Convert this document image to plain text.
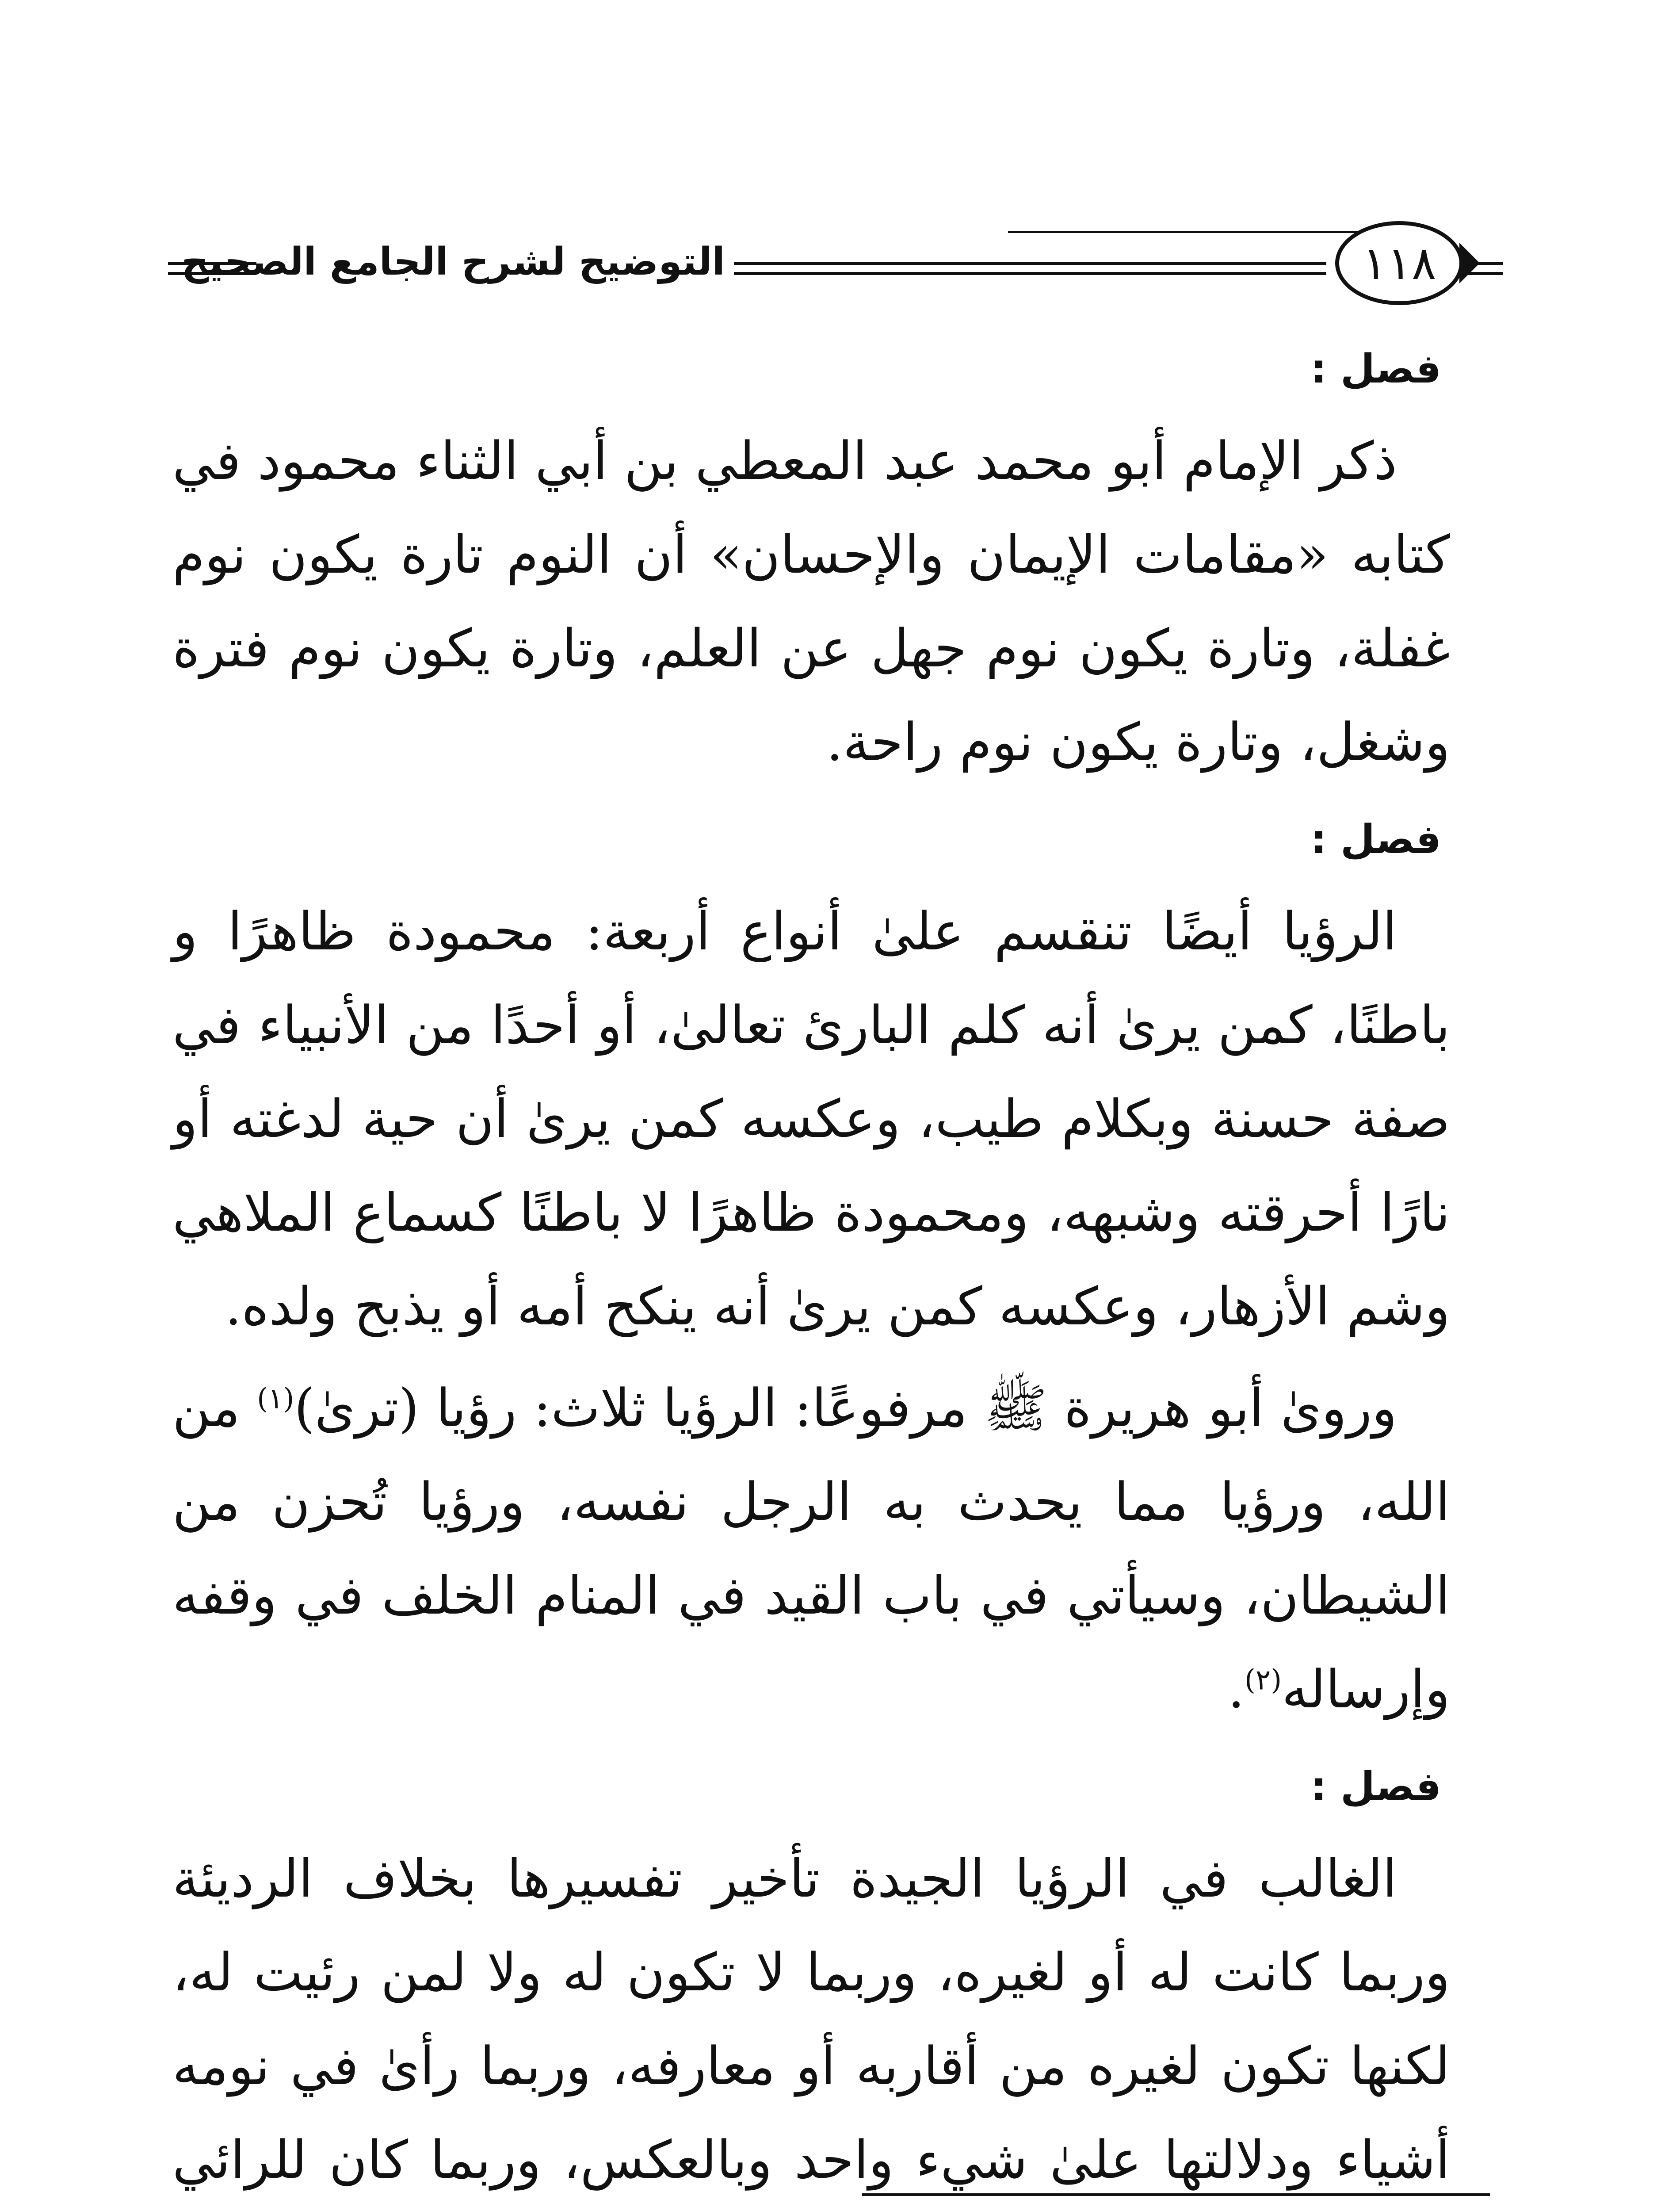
التوضيح لشرح الجامع الصحيح	١١٨
فصل :

ذكر الإمام أبو محمد عبد المعطي بن أبي الثناء محمود في كتابه «مقامات الإيمان والإحسان» أن النوم تارة يكون نوم غفلة، وتارة يكون نوم جهل عن العلم، وتارة يكون نوم فترة وشغل، وتارة يكون نوم راحة.

فصل :

الرؤيا أيضًا تنقسم علىٰ أنواع أربعة: محمودة ظاهرًا و باطنًا، كمن يرىٰ أنه كلم البارئ تعالىٰ، أو أحدًا من الأنبياء في صفة حسنة وبكلام طيب، وعكسه كمن يرىٰ أن حية لدغته أو نارًا أحرقته وشبهه، ومحمودة ظاهرًا لا باطنًا كسماع الملاهي وشم الأزهار، وعكسه كمن يرىٰ أنه ينكح أمه أو يذبح ولده.

ورویٰ أبو هريرة ﷺ مرفوعًا: الرؤيا ثلاث: رؤيا (ترىٰ)$^{(١)}$ من الله، ورؤيا مما يحدث به الرجل نفسه، ورؤيا تُحزن من الشيطان، وسيأتي في باب القيد في المنام الخلف في وقفه وإرساله$^{(٢)}$.

فصل :

الغالب في الرؤيا الجيدة تأخير تفسيرها بخلاف الرديئة وربما كانت له أو لغيره، وربما لا تكون له ولا لمن رئيت له، لكنها تكون لغيره من أقاربه أو معارفه، وربما رأىٰ في نومه أشياء ودلالتها علىٰ شيء واحد وبالعكس، وربما كان للرائي
